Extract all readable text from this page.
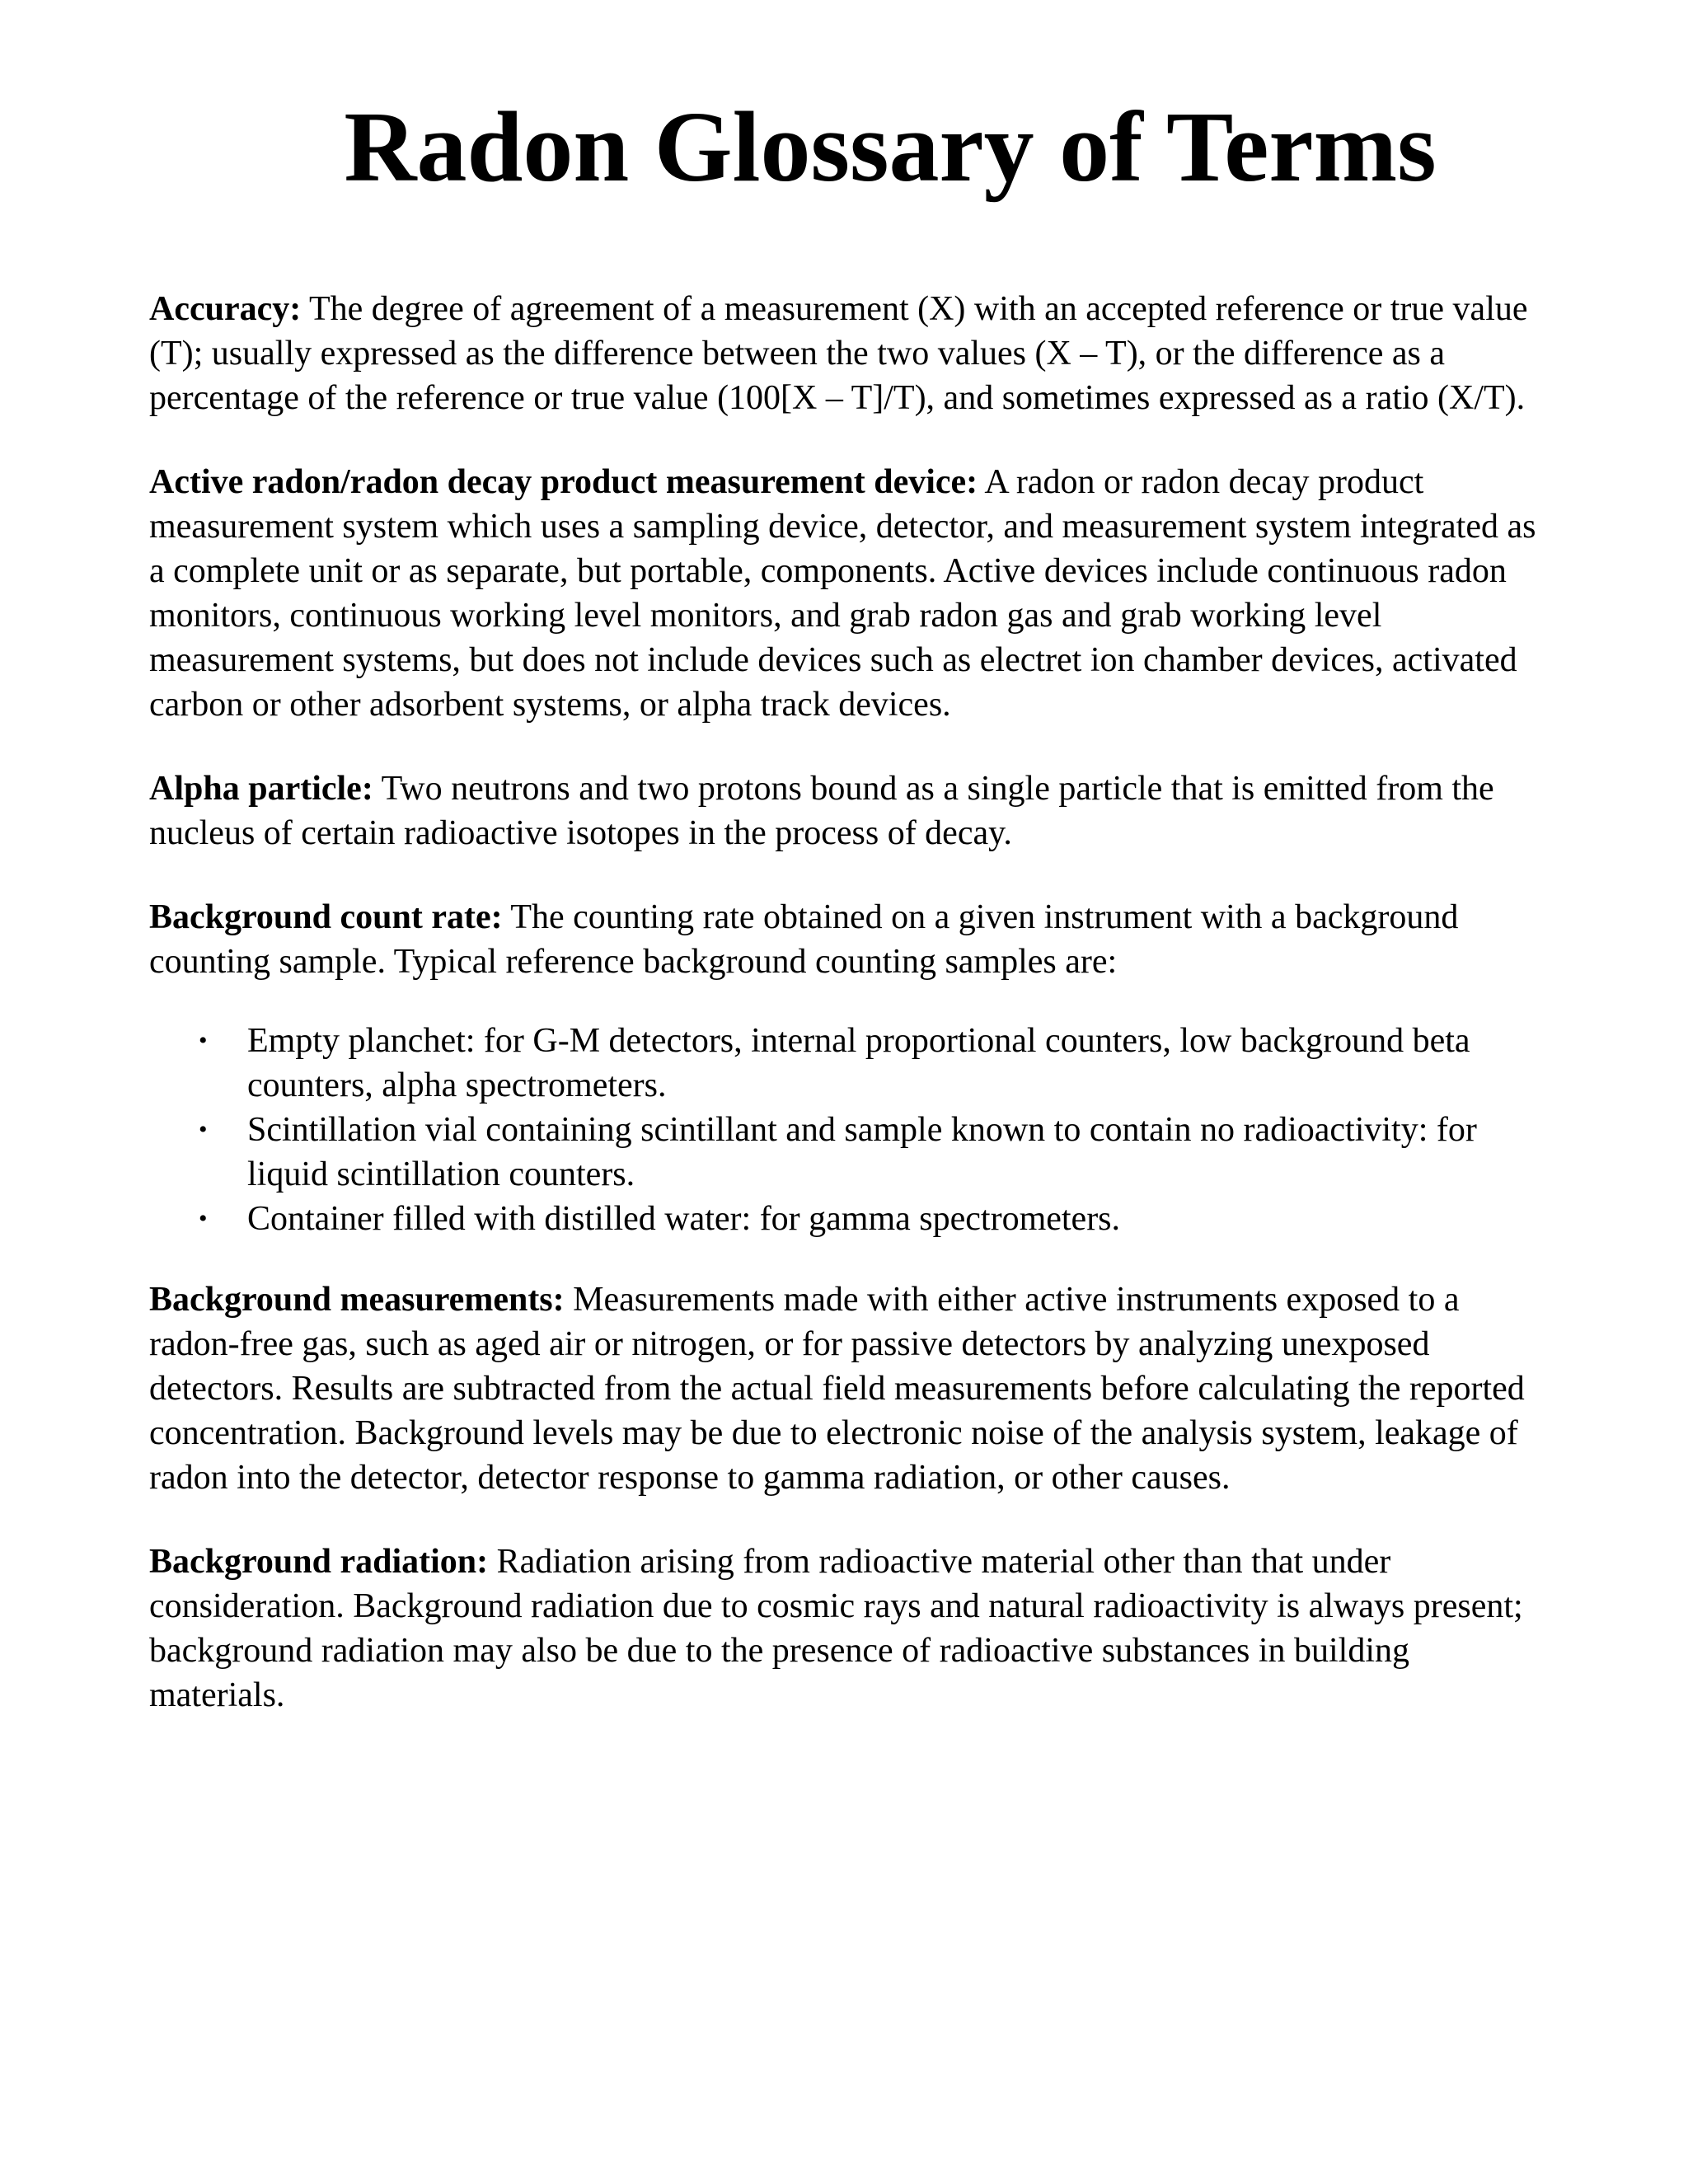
Radon Glossary of Terms

Accuracy: The degree of agreement of a measurement (X) with an accepted reference or true value (T); usually expressed as the difference between the two values (X – T), or the difference as a percentage of the reference or true value (100[X – T]/T), and sometimes expressed as a ratio (X/T).

Active radon/radon decay product measurement device: A radon or radon decay product measurement system which uses a sampling device, detector, and measurement system integrated as a complete unit or as separate, but portable, components. Active devices include continuous radon monitors, continuous working level monitors, and grab radon gas and grab working level measurement systems, but does not include devices such as electret ion chamber devices, activated carbon or other adsorbent systems, or alpha track devices.

Alpha particle: Two neutrons and two protons bound as a single particle that is emitted from the nucleus of certain radioactive isotopes in the process of decay.

Background count rate: The counting rate obtained on a given instrument with a background counting sample. Typical reference background counting samples are:

• Empty planchet: for G-M detectors, internal proportional counters, low background beta counters, alpha spectrometers.
• Scintillation vial containing scintillant and sample known to contain no radioactivity: for liquid scintillation counters.
• Container filled with distilled water: for gamma spectrometers.

Background measurements: Measurements made with either active instruments exposed to a radon-free gas, such as aged air or nitrogen, or for passive detectors by analyzing unexposed detectors. Results are subtracted from the actual field measurements before calculating the reported concentration. Background levels may be due to electronic noise of the analysis system, leakage of radon into the detector, detector response to gamma radiation, or other causes.

Background radiation: Radiation arising from radioactive material other than that under consideration. Background radiation due to cosmic rays and natural radioactivity is always present; background radiation may also be due to the presence of radioactive substances in building materials.
